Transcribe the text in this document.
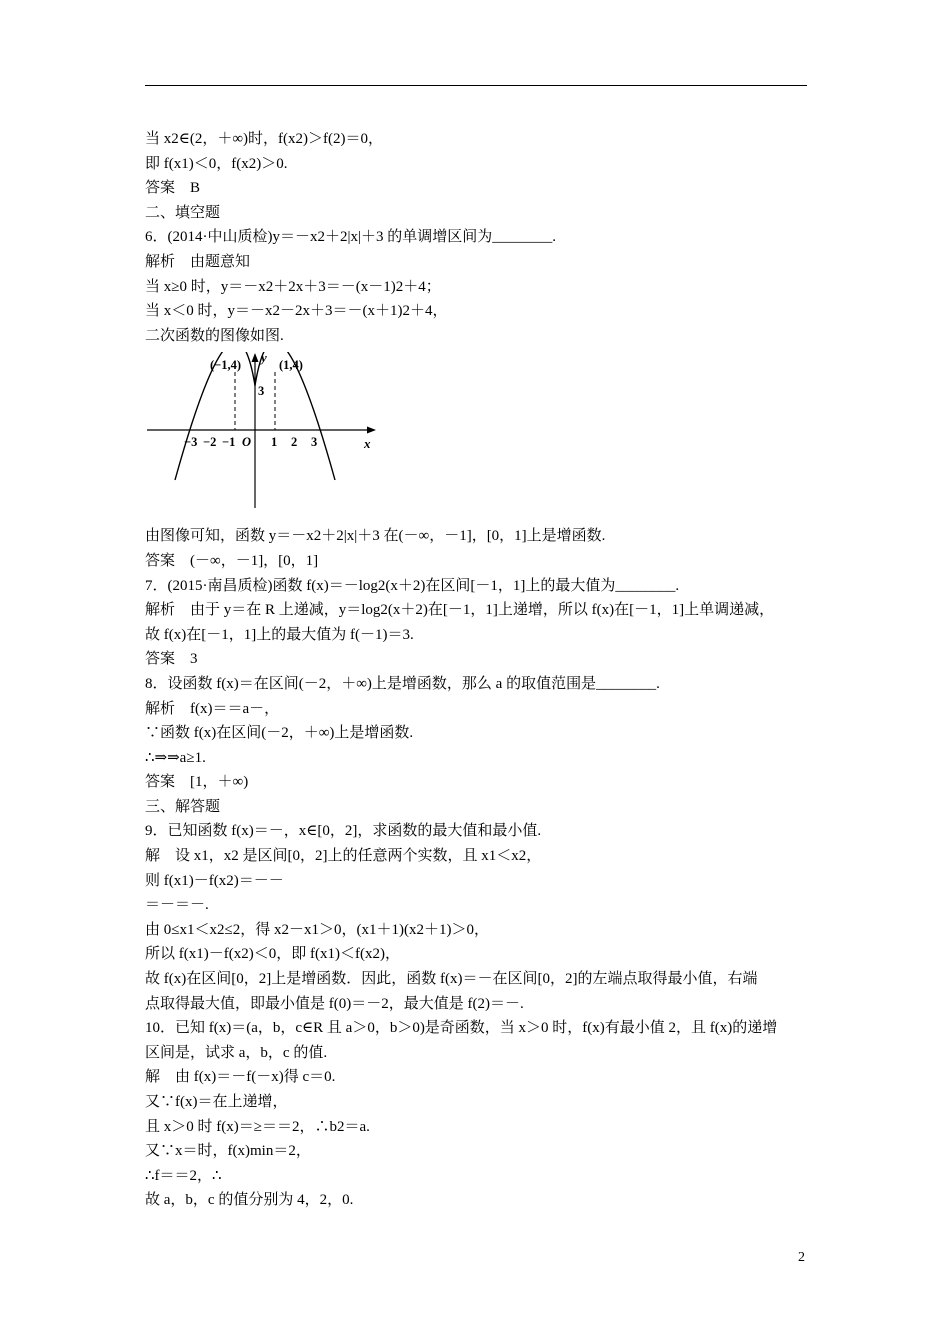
当 x2∈(2，＋∞)时，f(x2)＞f(2)＝0，
即 f(x1)＜0，f(x2)＞0.
答案　B
二、填空题
6．(2014·中山质检)y＝－x2＋2|x|＋3 的单调增区间为________.
解析　由题意知
当 x≥0 时，y＝－x2＋2x＋3＝－(x－1)2＋4；
当 x＜0 时，y＝－x2－2x＋3＝－(x＋1)2＋4，
二次函数的图像如图.
(−1,4)	(1,4)
y
x
3
O
−3 −2 −1	1 2 3
由图像可知，函数 y＝－x2＋2|x|＋3 在(－∞，－1]，[0，1]上是增函数.
答案　(－∞，－1]，[0，1]
7．(2015·南昌质检)函数 f(x)＝－log2(x＋2)在区间[－1，1]上的最大值为________.
解析　由于 y＝在 R 上递减，y＝log2(x＋2)在[－1，1]上递增，所以 f(x)在[－1，1]上单调递减，
故 f(x)在[－1，1]上的最大值为 f(－1)＝3.
答案　3
8．设函数 f(x)＝在区间(－2，＋∞)上是增函数，那么 a 的取值范围是________.
解析　f(x)＝＝a－，
∵函数 f(x)在区间(－2，＋∞)上是增函数.
∴⇒⇒a≥1.
答案　[1，＋∞)
三、解答题
9．已知函数 f(x)＝－，x∈[0，2]，求函数的最大值和最小值.
解　设 x1，x2 是区间[0，2]上的任意两个实数，且 x1＜x2，
则 f(x1)－f(x2)＝－－
＝－＝－.
由 0≤x1＜x2≤2，得 x2－x1＞0，(x1＋1)(x2＋1)＞0，
所以 f(x1)－f(x2)＜0，即 f(x1)＜f(x2)，
故 f(x)在区间[0，2]上是增函数．因此，函数 f(x)＝－在区间[0，2]的左端点取得最小值，右端
点取得最大值，即最小值是 f(0)＝－2，最大值是 f(2)＝－.
10．已知 f(x)＝(a，b，c∈R 且 a＞0，b＞0)是奇函数，当 x＞0 时，f(x)有最小值 2，且 f(x)的递增
区间是，试求 a，b，c 的值.
解　由 f(x)＝－f(－x)得 c＝0.
又∵f(x)＝在上递增，
且 x＞0 时 f(x)＝≥＝＝2，∴b2＝a.
又∵x＝时，f(x)min＝2，
∴f＝＝2，∴
故 a，b，c 的值分别为 4，2，0.
2
